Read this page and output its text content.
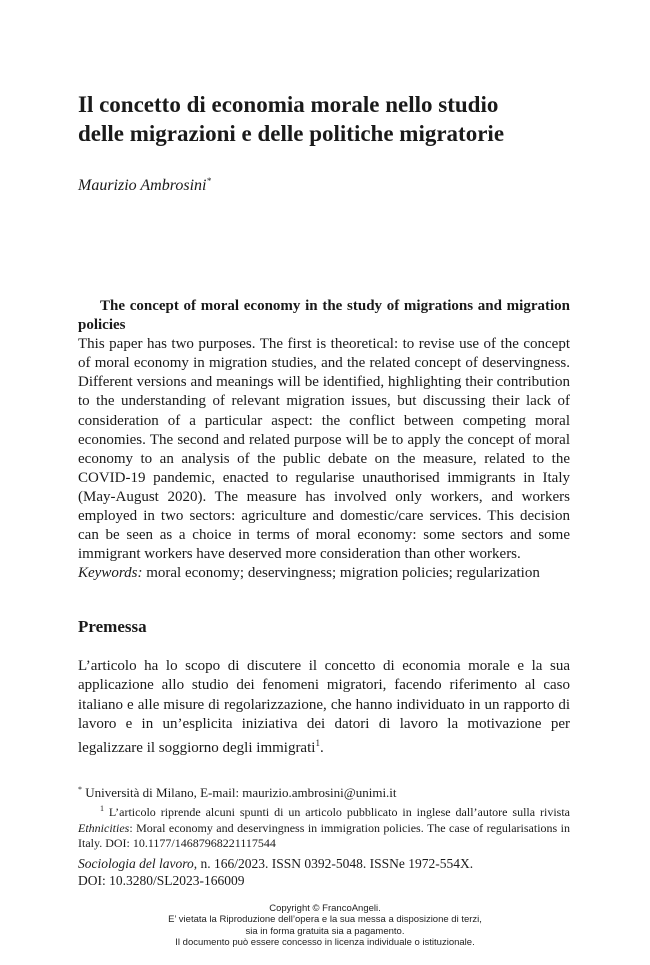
Il concetto di economia morale nello studio
delle migrazioni e delle politiche migratorie
Maurizio Ambrosini*

The concept of moral economy in the study of migrations and migration policies

This paper has two purposes. The first is theoretical: to revise use of the concept of moral economy in migration studies, and the related concept of deservingness. Different versions and meanings will be identified, highlighting their contribution to the understanding of relevant migration issues, but discussing their lack of consideration of a particular aspect: the conflict between competing moral economies. The second and related purpose will be to apply the concept of moral economy to an analysis of the public debate on the measure, related to the COVID-19 pandemic, enacted to regularise unauthorised immigrants in Italy (May-August 2020). The measure has involved only workers, and workers employed in two sectors: agriculture and domestic/care services. This decision can be seen as a choice in terms of moral economy: some sectors and some immigrant workers have deserved more consideration than other workers.
Keywords: moral economy; deservingness; migration policies; regularization

Premessa

L’articolo ha lo scopo di discutere il concetto di economia morale e la sua applicazione allo studio dei fenomeni migratori, facendo riferimento al caso italiano e alle misure di regolarizzazione, che hanno individuato in un rapporto di lavoro e in un’esplicita iniziativa dei datori di lavoro la motivazione per legalizzare il soggiorno degli immigrati$^1$.

* Università di Milano, E-mail: maurizio.ambrosini@unimi.it

$^1$ L’articolo riprende alcuni spunti di un articolo pubblicato in inglese dall’autore sulla rivista Ethnicities: Moral economy and deservingness in immigration policies. The case of regularisations in Italy. DOI: 10.1177/14687968221117544

Sociologia del lavoro, n. 166/2023. ISSN 0392-5048. ISSNe 1972-554X.
DOI: 10.3280/SL2023-166009

Copyright © FrancoAngeli.

E’ vietata la Riproduzione dell’opera e la sua messa a disposizione di terzi,

sia in forma gratuita sia a pagamento.

Il documento può essere concesso in licenza individuale o istituzionale.
